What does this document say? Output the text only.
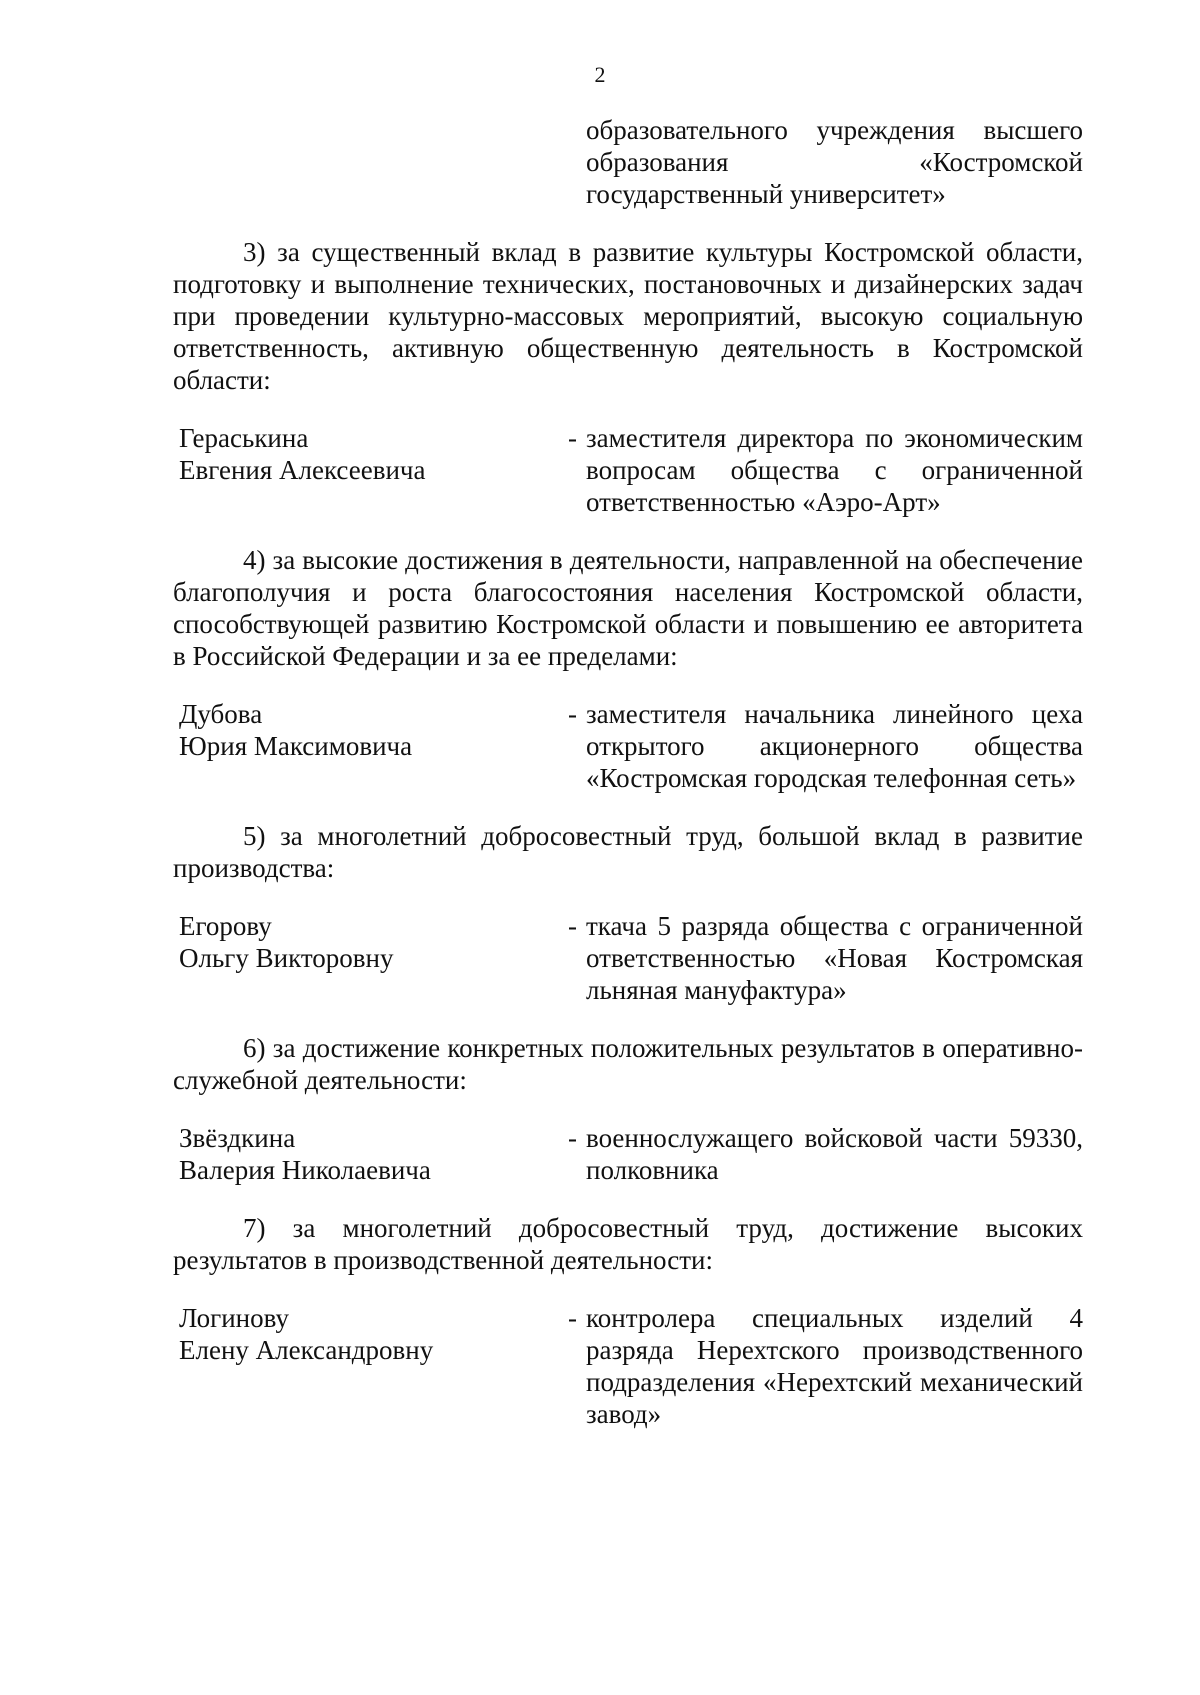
2
образовательного учреждения высшего образования «Костромской государственный университет»

3) за существенный вклад в развитие культуры Костромской области, подготовку и выполнение технических, постановочных и дизайнерских задач при проведении культурно-массовых мероприятий, высокую социальную ответственность, активную общественную деятельность в Костромской области:

Гераськина
Евгения Алексеевича
- заместителя директора по экономическим вопросам общества с ограниченной ответственностью «Аэро-Арт»

4) за высокие достижения в деятельности, направленной на обеспечение благополучия и роста благосостояния населения Костромской области, способствующей развитию Костромской области и повышению ее авторитета в Российской Федерации и за ее пределами:

Дубова
Юрия Максимовича
- заместителя начальника линейного цеха открытого акционерного общества «Костромская городская телефонная сеть»

5) за многолетний добросовестный труд, большой вклад в развитие производства:

Егорову
Ольгу Викторовну
- ткача 5 разряда общества с ограниченной ответственностью «Новая Костромская льняная мануфактура»

6) за достижение конкретных положительных результатов в оперативно-служебной деятельности:

Звёздкина
Валерия Николаевича
- военнослужащего войсковой части 59330, полковника

7) за многолетний добросовестный труд, достижение высоких результатов в производственной деятельности:

Логинову
Елену Александровну
- контролера специальных изделий 4 разряда Нерехтского производственного подразделения «Нерехтский механический завод»
